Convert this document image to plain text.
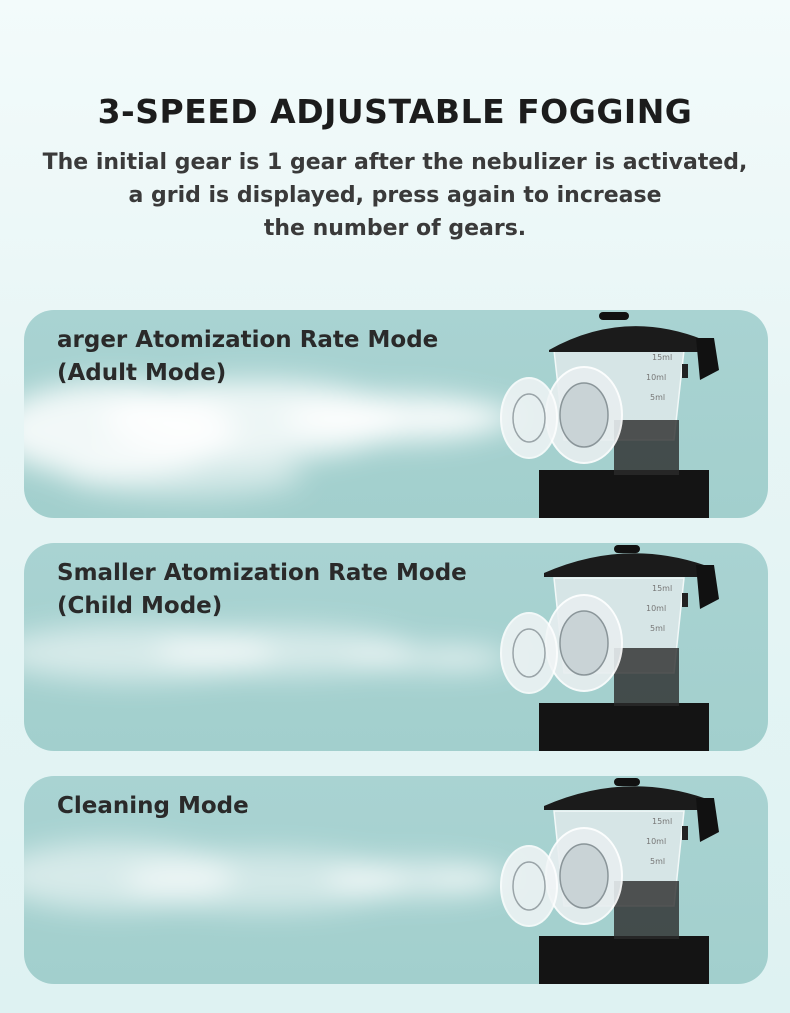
3-SPEED ADJUSTABLE FOGGING
The initial gear is 1 gear after the nebulizer is activated,
a grid is displayed, press again to increase
the number of gears.
15ml
10ml
5ml
arger Atomization Rate Mode
(Adult Mode)
15ml
10ml
5ml
Smaller Atomization Rate Mode
(Child Mode)
15ml
10ml
5ml
Cleaning Mode
